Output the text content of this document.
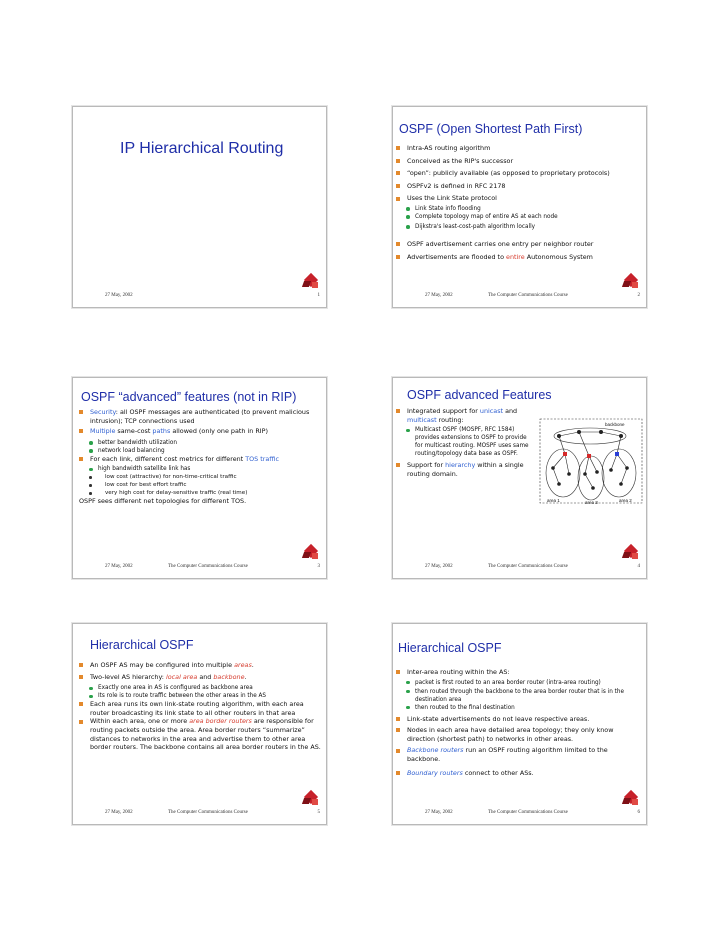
IP Hierarchical Routing
27 May, 2002	1
OSPF (Open Shortest Path First)
Intra-AS routing algorithm
Conceived as the RIP's successor
“open”: publicly available (as opposed to proprietary protocols)
OSPFv2 is defined in RFC 2178
Uses the Link State protocol
Link State info flooding
Complete topology map of entire AS at each node
Dijkstra's least-cost-path algorithm locally
OSPF advertisement carries one entry per neighbor router
Advertisements are flooded to entire Autonomous System
27 May, 2002	The Computer Communications Course	2
OSPF “advanced” features (not in RIP)
Security: all OSPF messages are authenticated (to prevent malicious intrusion); TCP connections used
Multiple same-cost paths allowed (only one path in RIP)
better bandwidth utilization
network load balancing
For each link, different cost metrics for different TOS traffic
high bandwidth satellite link has
low cost (attractive) for non-time-critical traffic
low cost for best effort traffic
very high cost for delay-sensitive traffic (real time)
OSPF sees different net topologies for different TOS.
27 May, 2002	The Computer Communications Course	3
OSPF advanced Features
Integrated support for unicast and multicast routing:
Multicast OSPF (MOSPF, RFC 1584) provides extensions to OSPF to provide for multicast routing. MOSPF uses same routing/topology data base as OSPF.
Support for hierarchy within a single routing domain.
backbone
area 1	area 3	area 2
27 May, 2002	The Computer Communications Course	4
Hierarchical OSPF
An OSPF AS may be configured into multiple areas.
Two-level AS hierarchy: local area and backbone.
Exactly one area in AS is configured as backbone area
Its role is to route traffic between the other areas in the AS
Each area runs its own link-state routing algorithm, with each area router broadcasting its link state to all other routers in that area
Within each area, one or more area border routers are responsible for routing packets outside the area. Area border routers “summarize” distances to networks in the area and advertise them to other area border routers. The backbone contains all area border routers in the AS.
27 May, 2002	The Computer Communications Course	5
Hierarchical OSPF
Inter-area routing within the AS:
packet is first routed to an area border router (intra-area routing)
then routed through the backbone to the area border router that is in the destination area
then routed to the final destination
Link-state advertisements do not leave respective areas.
Nodes in each area have detailed area topology; they only know direction (shortest path) to networks in other areas.
Backbone routers run an OSPF routing algorithm limited to the backbone.
Boundary routers connect to other ASs.
27 May, 2002	The Computer Communications Course	6
